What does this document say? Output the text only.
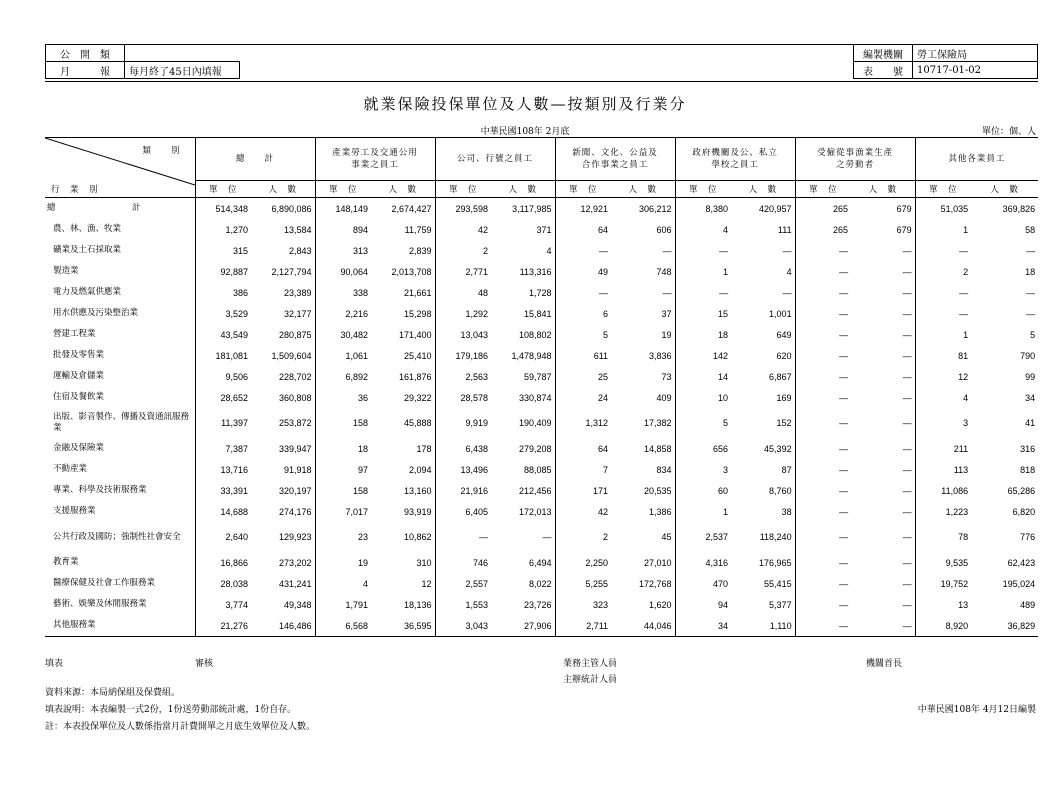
公　開　類	
月　　　報	每月終了45日內填報
編製機關	勞工保險局
表　　號	10717-01-02
就業保險投保單位及人數—按類別及行業分
中華民國108年 2月底	單位：個、人
類　　別
行　業　別	總　　計		產業勞工及交通公用事業之員工		公司、行號之員工		新聞、文化、公益及合作事業之員工		政府機關及公、私立學校之員工		受僱從事漁業生產之勞動者		其他各業員工	
	單　位	人　數	單　位	人　數	單　位	人　數	單　位	人　數	單　位	人　數	單　位	人　數	單　位	人　數
總　　　　　　　　　計	514,348	6,890,086	148,149	2,674,427	293,598	3,117,985	12,921	306,212	8,380	420,957	265	679	51,035	369,826
農、林、漁、牧業	1,270	13,584	894	11,759	42	371	64	606	4	111	265	679	1	58
礦業及土石採取業	315	2,843	313	2,839	2	4	—	—	—	—	—	—	—	—
製造業	92,887	2,127,794	90,064	2,013,708	2,771	113,316	49	748	1	4	—	—	2	18
電力及燃氣供應業	386	23,389	338	21,661	48	1,728	—	—	—	—	—	—	—	—
用水供應及污染整治業	3,529	32,177	2,216	15,298	1,292	15,841	6	37	15	1,001	—	—	—	—
營建工程業	43,549	280,875	30,482	171,400	13,043	108,802	5	19	18	649	—	—	1	5
批發及零售業	181,081	1,509,604	1,061	25,410	179,186	1,478,948	611	3,836	142	620	—	—	81	790
運輸及倉儲業	9,506	228,702	6,892	161,876	2,563	59,787	25	73	14	6,867	—	—	12	99
住宿及餐飲業	28,652	360,808	36	29,322	28,578	330,874	24	409	10	169	—	—	4	34
出版、影音製作、傳播及資通訊服務業	11,397	253,872	158	45,888	9,919	190,409	1,312	17,382	5	152	—	—	3	41
金融及保險業	7,387	339,947	18	178	6,438	279,208	64	14,858	656	45,392	—	—	211	316
不動產業	13,716	91,918	97	2,094	13,496	88,085	7	834	3	87	—	—	113	818
專業、科學及技術服務業	33,391	320,197	158	13,160	21,916	212,456	171	20,535	60	8,760	—	—	11,086	65,286
支援服務業	14,688	274,176	7,017	93,919	6,405	172,013	42	1,386	1	38	—	—	1,223	6,820
公共行政及國防；強制性社會安全	2,640	129,923	23	10,862	—	—	2	45	2,537	118,240	—	—	78	776
教育業	16,866	273,202	19	310	746	6,494	2,250	27,010	4,316	176,965	—	—	9,535	62,423
醫療保健及社會工作服務業	28,038	431,241	4	12	2,557	8,022	5,255	172,768	470	55,415	—	—	19,752	195,024
藝術、娛樂及休閒服務業	3,774	49,348	1,791	18,136	1,553	23,726	323	1,620	94	5,377	—	—	13	489
其他服務業	21,276	146,486	6,568	36,595	3,043	27,906	2,711	44,046	34	1,110	—	—	8,920	36,829
填表	審核	業務主管人員
主辦統計人員
機關首長
資料來源：本局納保組及保費組。
填表說明：本表編製一式2份，1份送勞動部統計處，1份自存。
註：本表投保單位及人數係指當月計費開單之月底生效單位及人數。
中華民國108年 4月12日編製
